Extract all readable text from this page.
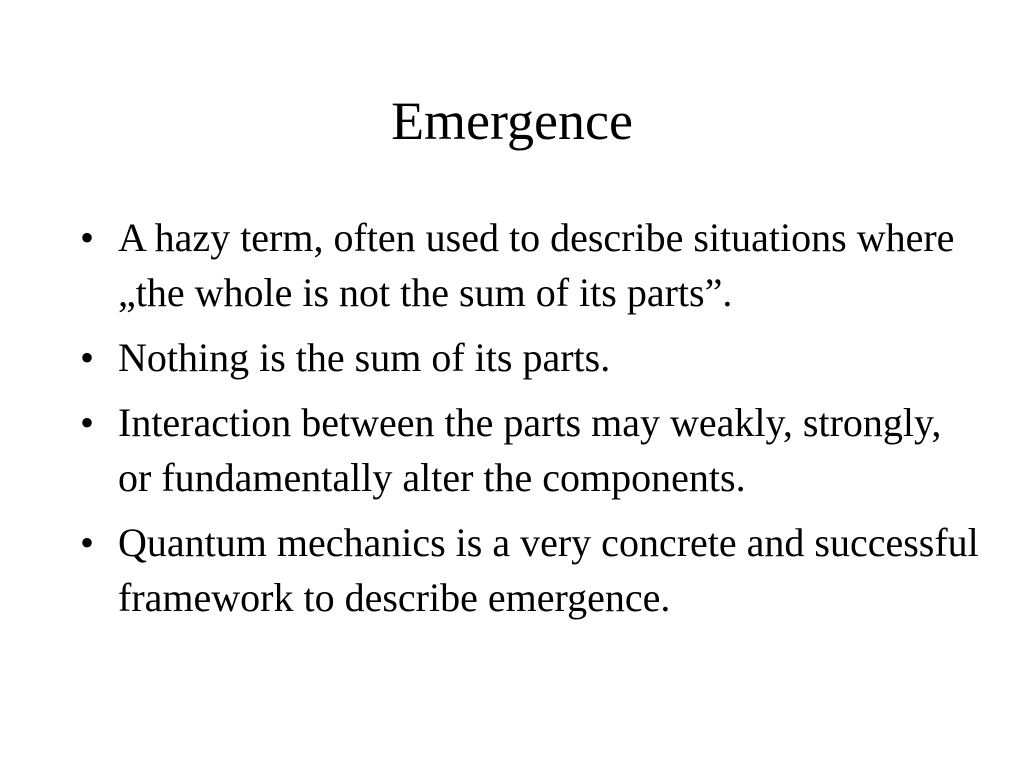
Emergence
• A hazy term, often used to describe situations where „the whole is not the sum of its parts”.
• Nothing is the sum of its parts.
• Interaction between the parts may weakly, strongly, or fundamentally alter the components.
• Quantum mechanics is a very concrete and successful framework to describe emergence.
